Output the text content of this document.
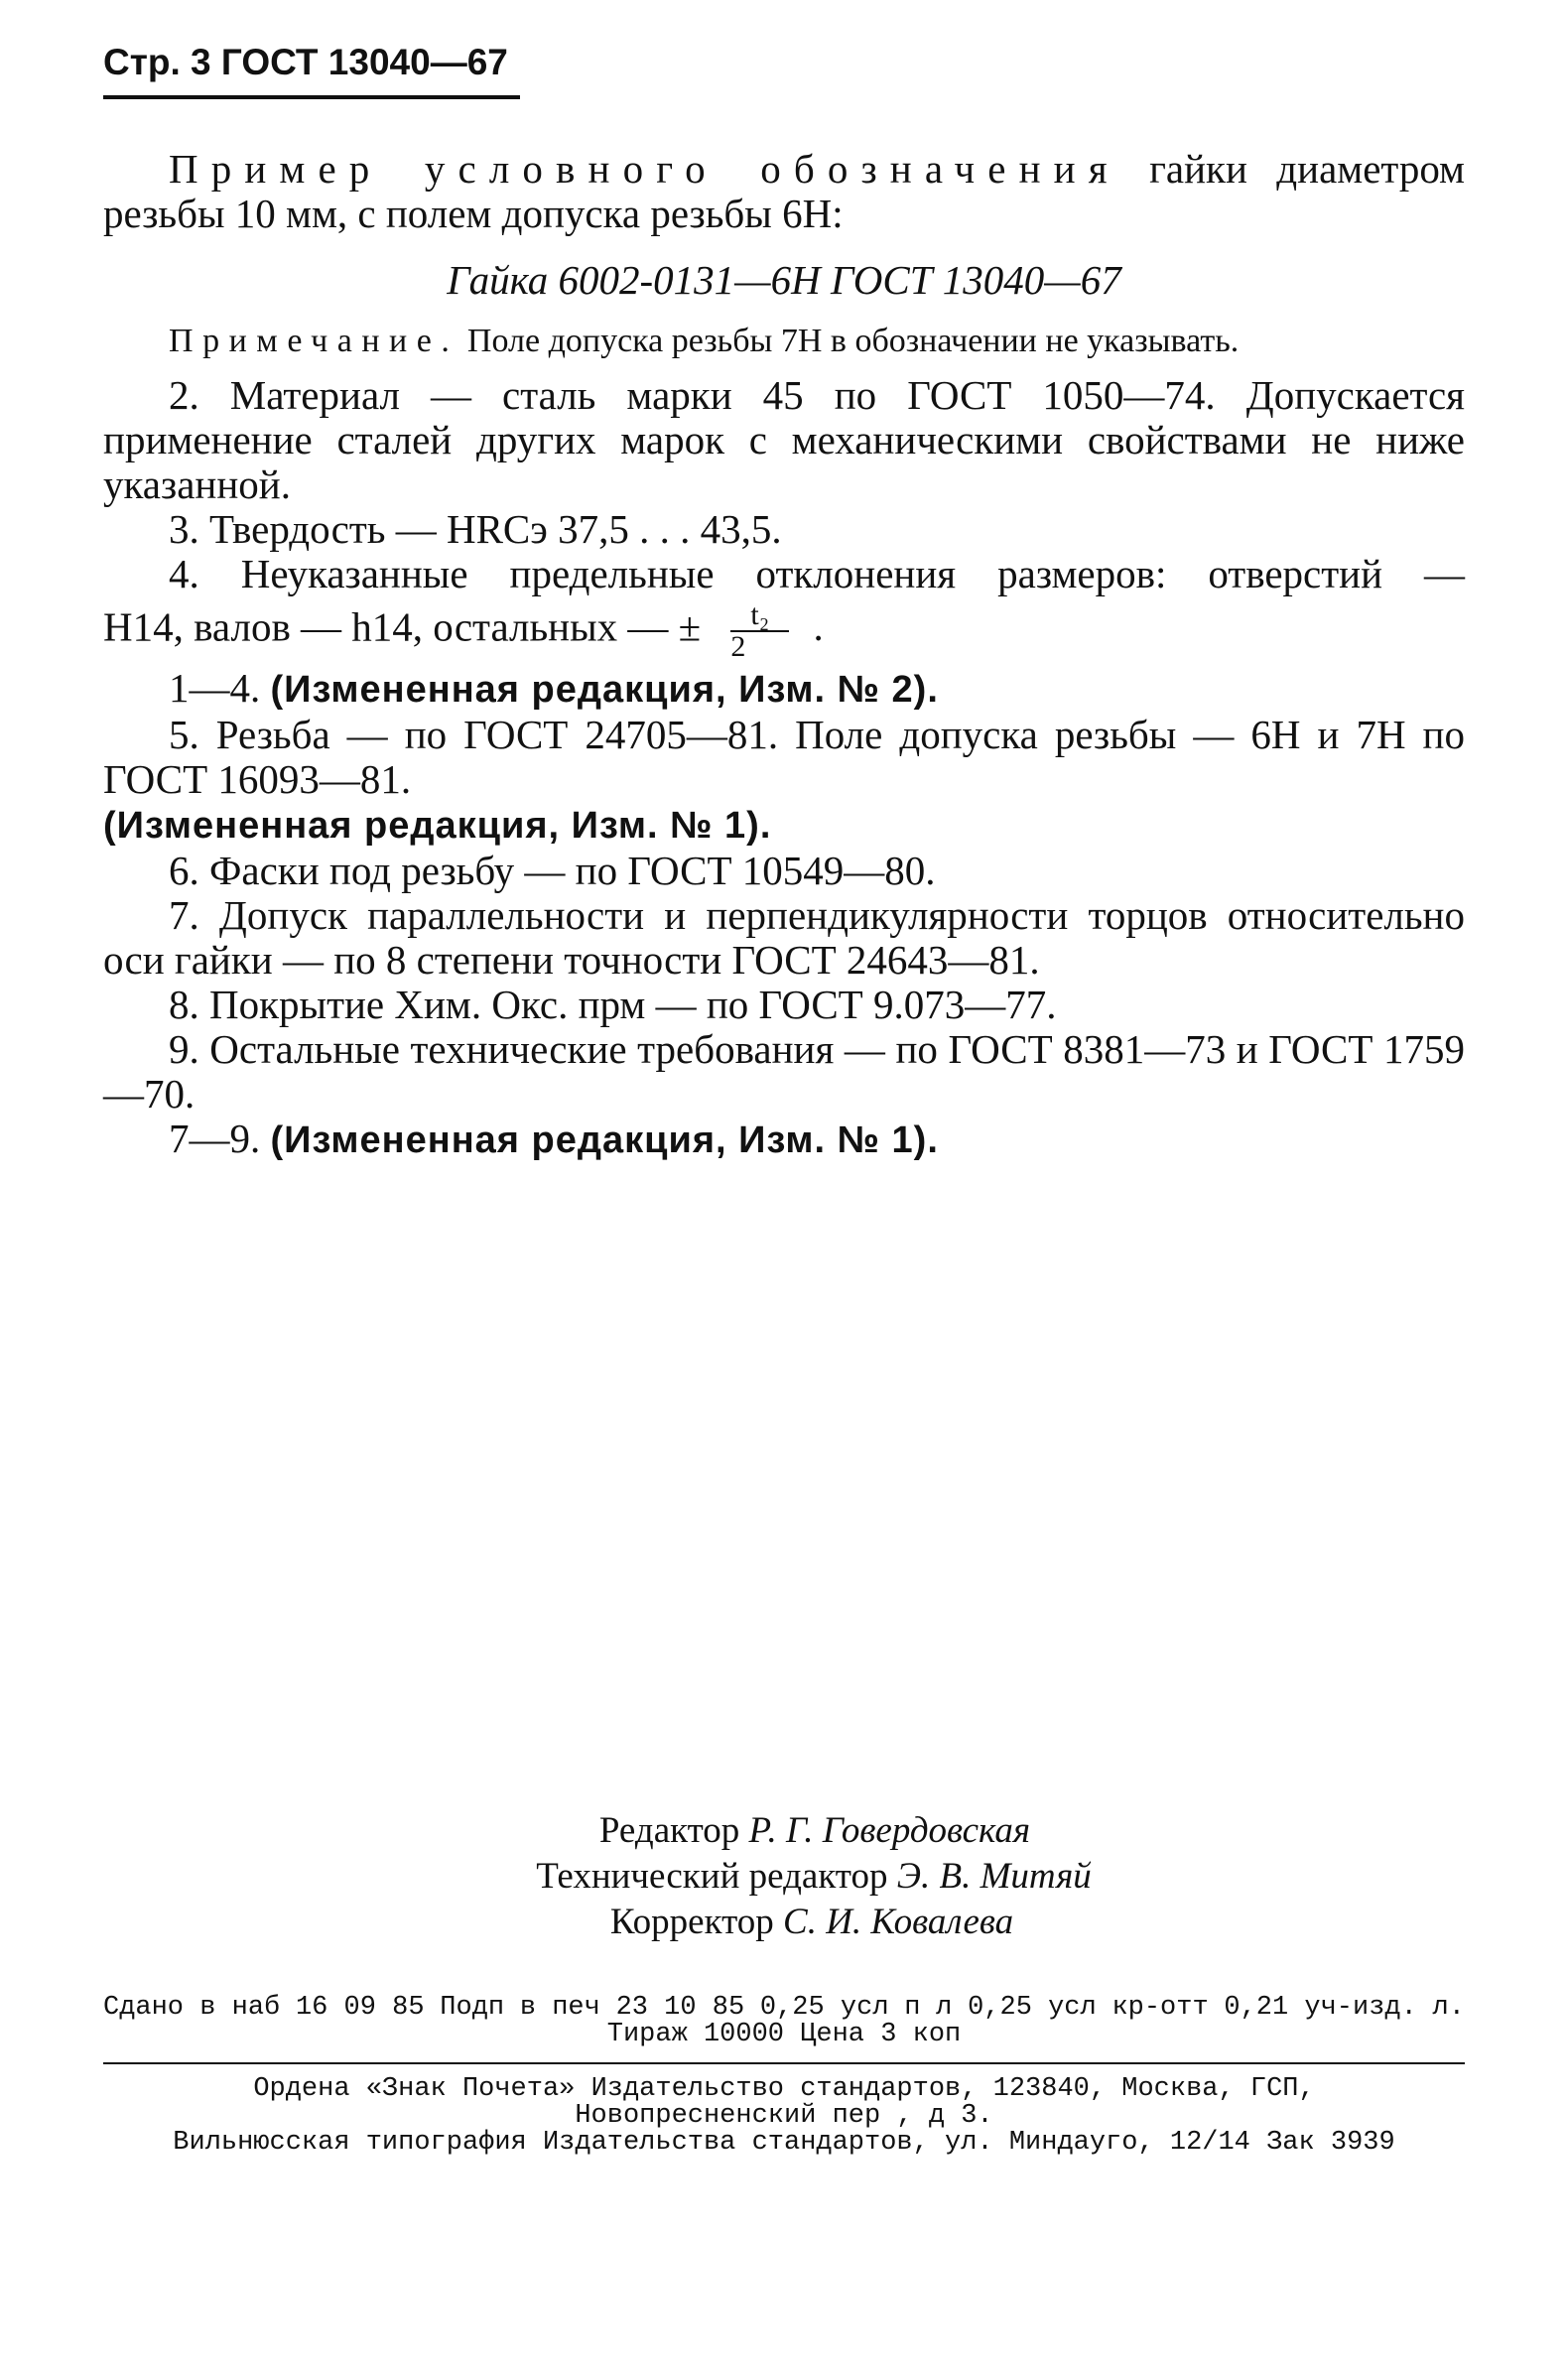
Стр. 3 ГОСТ 13040—67

Пример условного обозначения гайки диаметром

резьбы 10 мм, с полем допуска резьбы 6Н:

Гайка 6002-0131—6Н ГОСТ 13040—67

Примечание. Поле допуска резьбы 7Н в обозначении не указывать.

2. Материал — сталь марки 45 по ГОСТ 1050—74. Допускается применение сталей других марок с механическими свойствами не ниже указанной.

3. Твердость — HRCэ 37,5 . . . 43,5.

4. Неуказанные предельные отклонения размеров: отверстий —

H14, валов — h14, остальных — ± $\frac{\text{t₂}}{2}$ .

1—4. (Измененная редакция, Изм. № 2).

5. Резьба — по ГОСТ 24705—81. Поле допуска резьбы — 6H и 7H по ГОСТ 16093—81.

(Измененная редакция, Изм. № 1).

6. Фаски под резьбу — по ГОСТ 10549—80.

7. Допуск параллельности и перпендикулярности торцов относительно оси гайки — по 8 степени точности ГОСТ 24643—81.

8. Покрытие Хим. Окс. прм — по ГОСТ 9.073—77.

9. Остальные технические требования — по ГОСТ 8381—73 и ГОСТ 1759—70.

7—9. (Измененная редакция, Изм. № 1).

Редактор Р. Г. Говердовская
Технический редактор Э. В. Митяй
Корректор С. И. Ковалева
Сдано в наб 16 09 85 Подп в печ 23 10 85 0,25 усл п л 0,25 усл кр-отт 0,21 уч-изд. л.
Тираж 10000 Цена 3 коп
Ордена «Знак Почета» Издательство стандартов, 123840, Москва, ГСП,
Новопресненский пер , д 3.
Вильнюсская типография Издательства стандартов, ул. Миндауго, 12/14 Зак 3939
